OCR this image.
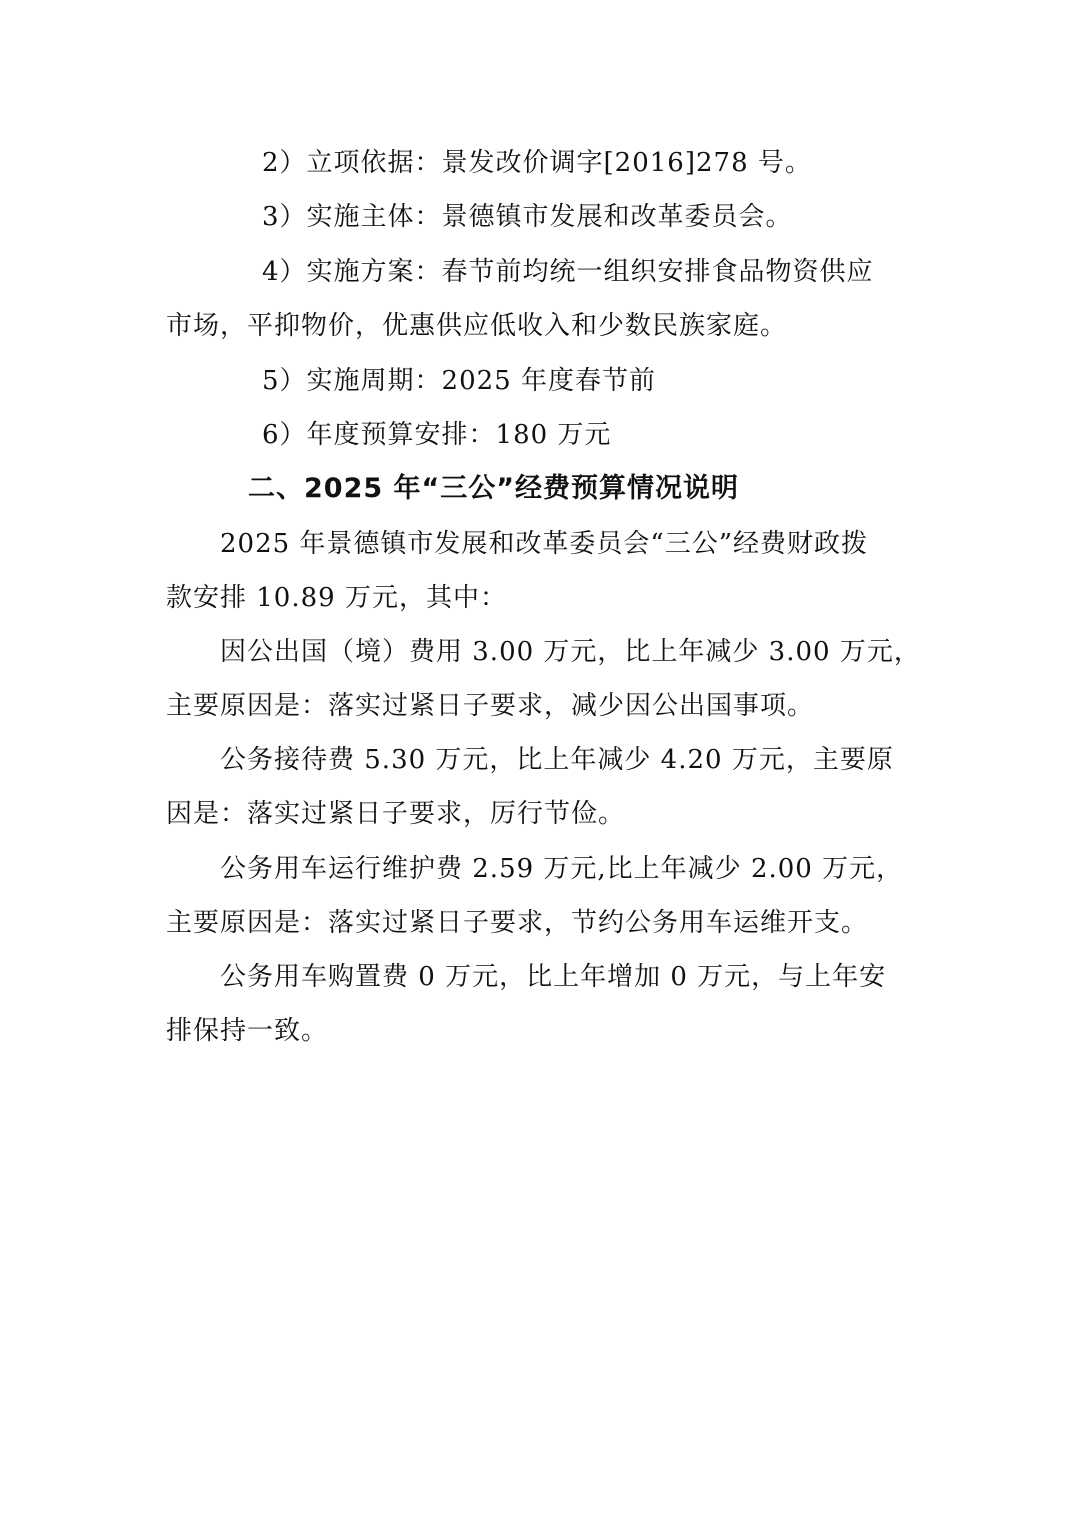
2）立项依据：景发改价调字[2016]278 号。
3）实施主体：景德镇市发展和改革委员会。
4）实施方案：春节前均统一组织安排食品物资供应
市场，平抑物价，优惠供应低收入和少数民族家庭。
5）实施周期：2025 年度春节前
6）年度预算安排：180 万元
二、2025 年“三公”经费预算情况说明
2025 年景德镇市发展和改革委员会“三公”经费财政拨
款安排 10.89 万元，其中：
因公出国（境）费用 3.00 万元，比上年减少 3.00 万元，
主要原因是：落实过紧日子要求，减少因公出国事项。
公务接待费 5.30 万元，比上年减少 4.20 万元，主要原
因是：落实过紧日子要求，厉行节俭。
公务用车运行维护费 2.59 万元,比上年减少 2.00 万元，
主要原因是：落实过紧日子要求，节约公务用车运维开支。
公务用车购置费 0 万元，比上年增加 0 万元，与上年安
排保持一致。
